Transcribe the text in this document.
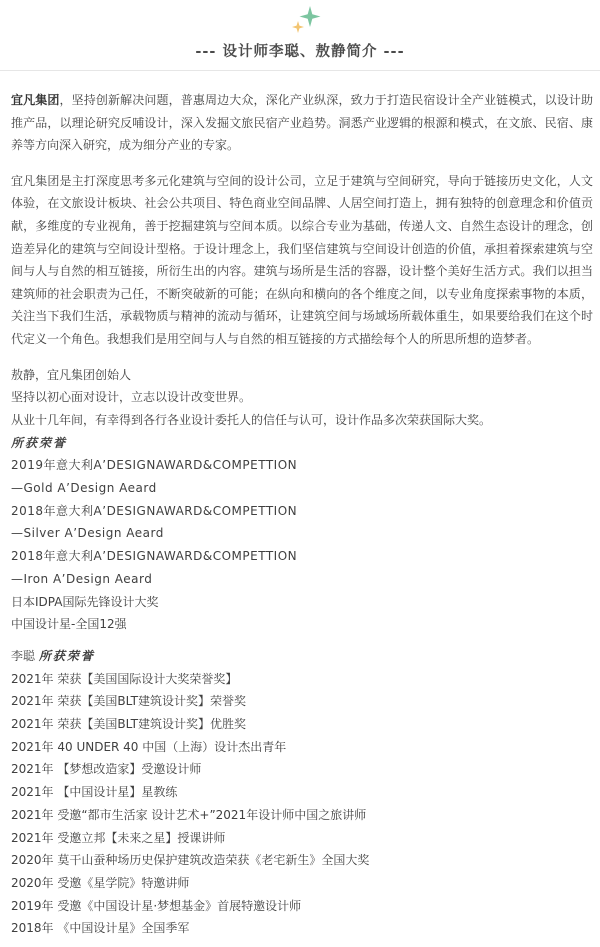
--- 设计师李聪、敖静简介 ---

宜凡集团，坚持创新解决问题，普惠周边大众，深化产业纵深，致力于打造民宿设计全产业链模式，以设计助推产品，以理论研究反哺设计，深入发掘文旅民宿产业趋势。洞悉产业逻辑的根源和模式，在文旅、民宿、康养等方向深入研究，成为细分产业的专家。

宜凡集团是主打深度思考多元化建筑与空间的设计公司，立足于建筑与空间研究，导向于链接历史文化，人文体验，在文旅设计板块、社会公共项目、特色商业空间品牌、人居空间打造上，拥有独特的创意理念和价值贡献，多维度的专业视角，善于挖掘建筑与空间本质。以综合专业为基础，传递人文、自然生态设计的理念，创造差异化的建筑与空间设计型格。于设计理念上，我们坚信建筑与空间设计创造的价值，承担着探索建筑与空间与人与自然的相互链接，所衍生出的内容。建筑与场所是生活的容器，设计整个美好生活方式。我们以担当建筑师的社会职责为己任，不断突破新的可能；在纵向和横向的各个维度之间，以专业角度探索事物的本质，关注当下我们生活，承载物质与精神的流动与循环，让建筑空间与场域场所载体重生，如果要给我们在这个时代定义一个角色。我想我们是用空间与人与自然的相互链接的方式描绘每个人的所思所想的造梦者。

敖静，宜凡集团创始人
坚持以初心面对设计，立志以设计改变世界。
从业十几年间，有幸得到各行各业设计委托人的信任与认可，设计作品多次荣获国际大奖。
所获荣誉
2019年意大利A’DESIGNAWARD&COMPETTION
—Gold A’Design Aeard
2018年意大利A’DESIGNAWARD&COMPETTION
—Silver A’Design Aeard
2018年意大利A’DESIGNAWARD&COMPETTION
—Iron A’Design Aeard
日本IDPA国际先锋设计大奖
中国设计星-全国12强
李聪 所获荣誉
2021年 荣获【美国国际设计大奖荣誉奖】
2021年 荣获【美国BLT建筑设计奖】荣誉奖
2021年 荣获【美国BLT建筑设计奖】优胜奖
2021年 40 UNDER 40 中国（上海）设计杰出青年
2021年 【梦想改造家】受邀设计师
2021年 【中国设计星】星教练
2021年 受邀“都市生活家 设计艺术+”2021年设计师中国之旅讲师
2021年 受邀立邦【未来之星】授课讲师
2020年 莫干山蚕种场历史保护建筑改造荣获《老宅新生》全国大奖
2020年 受邀《星学院》特邀讲师
2019年 受邀《中国设计星·梦想基金》首展特邀设计师
2018年 《中国设计星》全国季军
